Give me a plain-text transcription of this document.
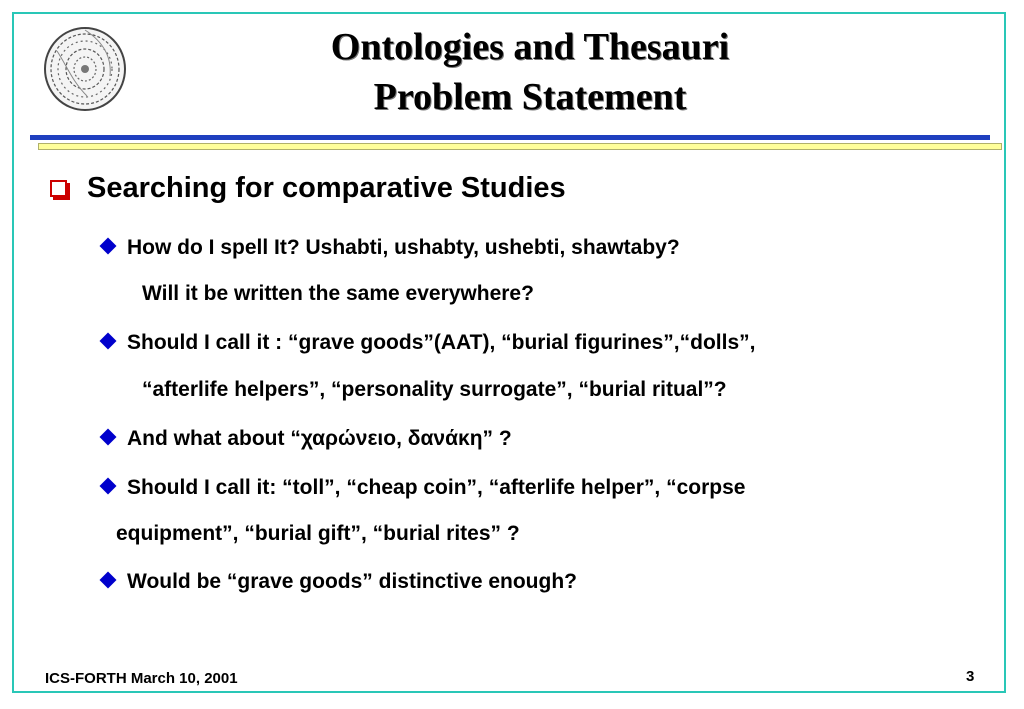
Ontologies and Thesauri
Problem Statement
Searching for comparative Studies
How do I spell It? Ushabti, ushabty, ushebti, shawtaby?
Will it be written the same everywhere?
Should I call it : “grave goods”(AAT), “burial figurines”,“dolls”,
“afterlife helpers”, “personality surrogate”, “burial ritual”?
And what about “χαρώνειο, δανάκη” ?
Should I call it: “toll”, “cheap coin”, “afterlife helper”, “corpse
equipment”, “burial gift”, “burial rites” ?
Would be “grave goods” distinctive enough?
ICS-FORTH March 10, 2001	3
